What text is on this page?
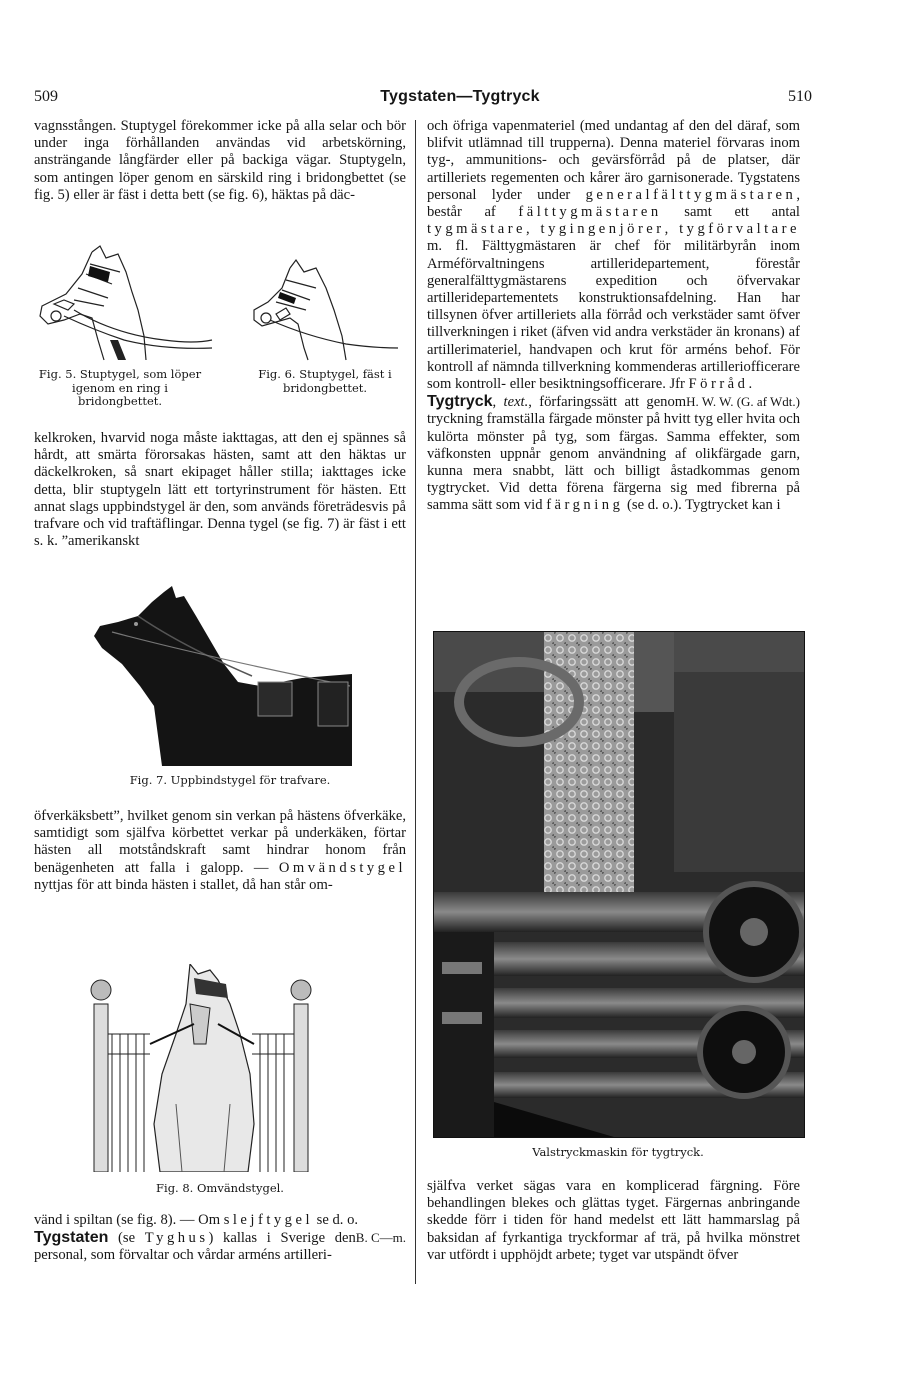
509	Tygstaten—Tygtryck	510

vagnsstången. Stuptygel förekommer icke på alla selar och bör under inga förhållanden användas vid arbetskörning, ansträngande långfärder eller på backiga vägar. Stuptygeln, som antingen löper genom en särskild ring i bridongbettet (se fig. 5) eller är fäst i detta bett (se fig. 6), häktas på däc-

Fig. 5. Stuptygel, som löper igenom en ring i bridongbettet.
Fig. 6. Stuptygel, fäst i bridongbettet.

kelkroken, hvarvid noga måste iakttagas, att den ej spännes så hårdt, att smärta förorsakas hästen, samt att den häktas ur däckelkroken, så snart ekipaget håller stilla; iakttages icke detta, blir stuptygeln lätt ett tortyrinstrument för hästen. Ett annat slags uppbindstygel är den, som används företrädesvis på trafvare och vid traftäflingar. Denna tygel (se fig. 7) är fäst i ett s. k. ”amerikanskt

Fig. 7. Uppbindstygel för trafvare.

öfverkäksbett”, hvilket genom sin verkan på hästens öfverkäke, samtidigt som själfva körbettet verkar på underkäken, förtar hästen all motståndskraft samt hindrar honom från benägenheten att falla i galopp. — Omvändstygel nyttjas för att binda hästen i stallet, då han står om-

Fig. 8. Omvändstygel.

vänd i spiltan (se fig. 8). — Om slejftygel se d. o.
B. C—m.

Tygstaten (se Tyghus) kallas i Sverige den personal, som förvaltar och vårdar arméns artilleri-

och öfriga vapenmateriel (med undantag af den del däraf, som blifvit utlämnad till trupperna). Denna materiel förvaras inom tyg-, ammunitions- och gevärsförråd på de platser, där artilleriets regementen och kårer äro garnisonerade. Tygstatens personal lyder under generalfälttygmästaren, består af fälttygmästaren samt ett antal tygmästare, tygingenjörer, tygförvaltare m. fl. Fälttygmästaren är chef för militärbyrån inom Arméförvaltningens artilleridepartement, förestår generalfälttygmästarens expedition och öfvervakar artilleridepartementets konstruktionsafdelning. Han har tillsynen öfver artilleriets alla förråd och verkstäder samt öfver tillverkningen i riket (äfven vid andra verkstäder än kronans) af artillerimateriel, handvapen och krut för arméns behof. För kontroll af nämnda tillverkning kommenderas artilleriofficerare som kontroll- eller besiktningsofficerare. Jfr Förråd.
H. W. W. (G. af Wdt.)

Tygtryck, text., förfaringssätt att genom tryckning framställa färgade mönster på hvitt tyg eller hvita och kulörta mönster på tyg, som färgas. Samma effekter, som väfkonsten uppnår genom användning af olikfärgade garn, kunna mera snabbt, lätt och billigt åstadkommas genom tygtrycket. Vid detta förena färgerna sig med fibrerna på samma sätt som vid färgning (se d. o.). Tygtrycket kan i

Valstryckmaskin för tygtryck.

själfva verket sägas vara en komplicerad färgning. Före behandlingen blekes och glättas tyget. Färgernas anbringande skedde förr i tiden för hand medelst ett lätt hammarslag på baksidan af fyrkantiga tryckformar af trä, på hvilka mönstret var utfördt i upphöjdt arbete; tyget var utspändt öfver
